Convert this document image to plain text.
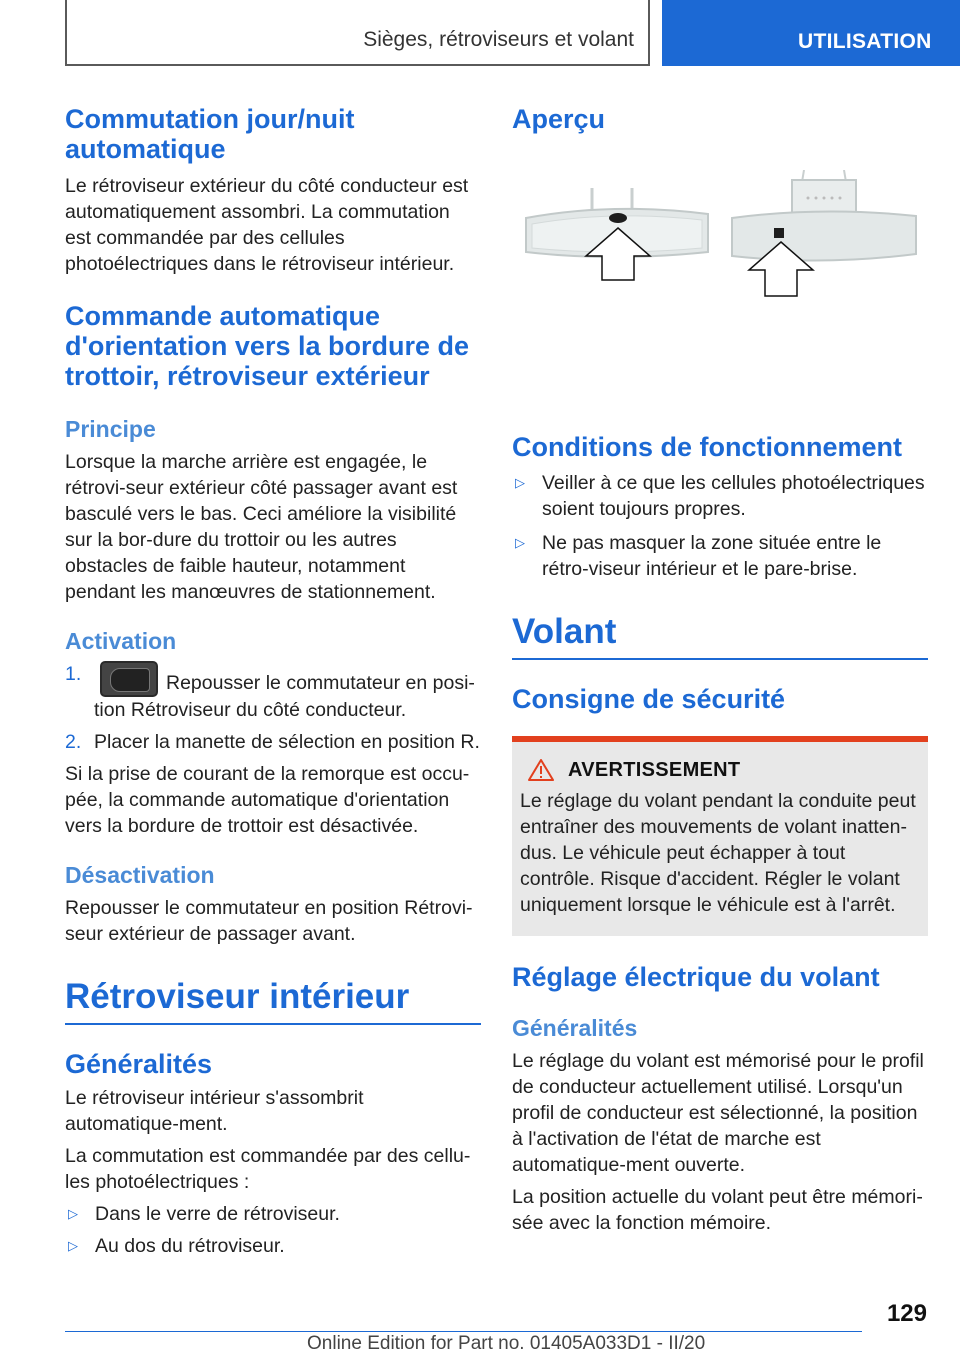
Sièges, rétroviseurs et volant	UTILISATION
Commutation jour/nuit automatique

Le rétroviseur extérieur du côté conducteur est automatiquement assombri. La commutation est commandée par des cellules photoélectriques dans le rétroviseur intérieur.

Commande automatique d'orientation vers la bordure de trottoir, rétroviseur extérieur
Principe

Lorsque la marche arrière est engagée, le rétrovi-seur extérieur côté passager avant est basculé vers le bas. Ceci améliore la visibilité sur la bor-dure du trottoir ou les autres obstacles de faible hauteur, notamment pendant les manœuvres de stationnement.

Activation
1.	Repousser le commutateur en posi-tion Rétroviseur du côté conducteur.
2. Placer la manette de sélection en position R.

Si la prise de courant de la remorque est occu-pée, la commande automatique d'orientation vers la bordure de trottoir est désactivée.

Désactivation

Repousser le commutateur en position Rétrovi-seur extérieur de passager avant.

Rétroviseur intérieur
Généralités

Le rétroviseur intérieur s'assombrit automatique-ment.

La commutation est commandée par des cellu-les photoélectriques :

▷ Dans le verre de rétroviseur.
▷ Au dos du rétroviseur.
Aperçu
Conditions de fonctionnement
▷ Veiller à ce que les cellules photoélectriques soient toujours propres.
▷ Ne pas masquer la zone située entre le rétro-viseur intérieur et le pare-brise.
Volant
Consigne de sécurité
AVERTISSEMENT

Le réglage du volant pendant la conduite peut entraîner des mouvements de volant inatten-dus. Le véhicule peut échapper à tout contrôle. Risque d'accident. Régler le volant uniquement lorsque le véhicule est à l'arrêt.

Réglage électrique du volant
Généralités

Le réglage du volant est mémorisé pour le profil de conducteur actuellement utilisé. Lorsqu'un profil de conducteur est sélectionné, la position à l'activation de l'état de marche est automatique-ment ouverte.

La position actuelle du volant peut être mémori-sée avec la fonction mémoire.

129
Online Edition for Part no. 01405A033D1 - II/20
